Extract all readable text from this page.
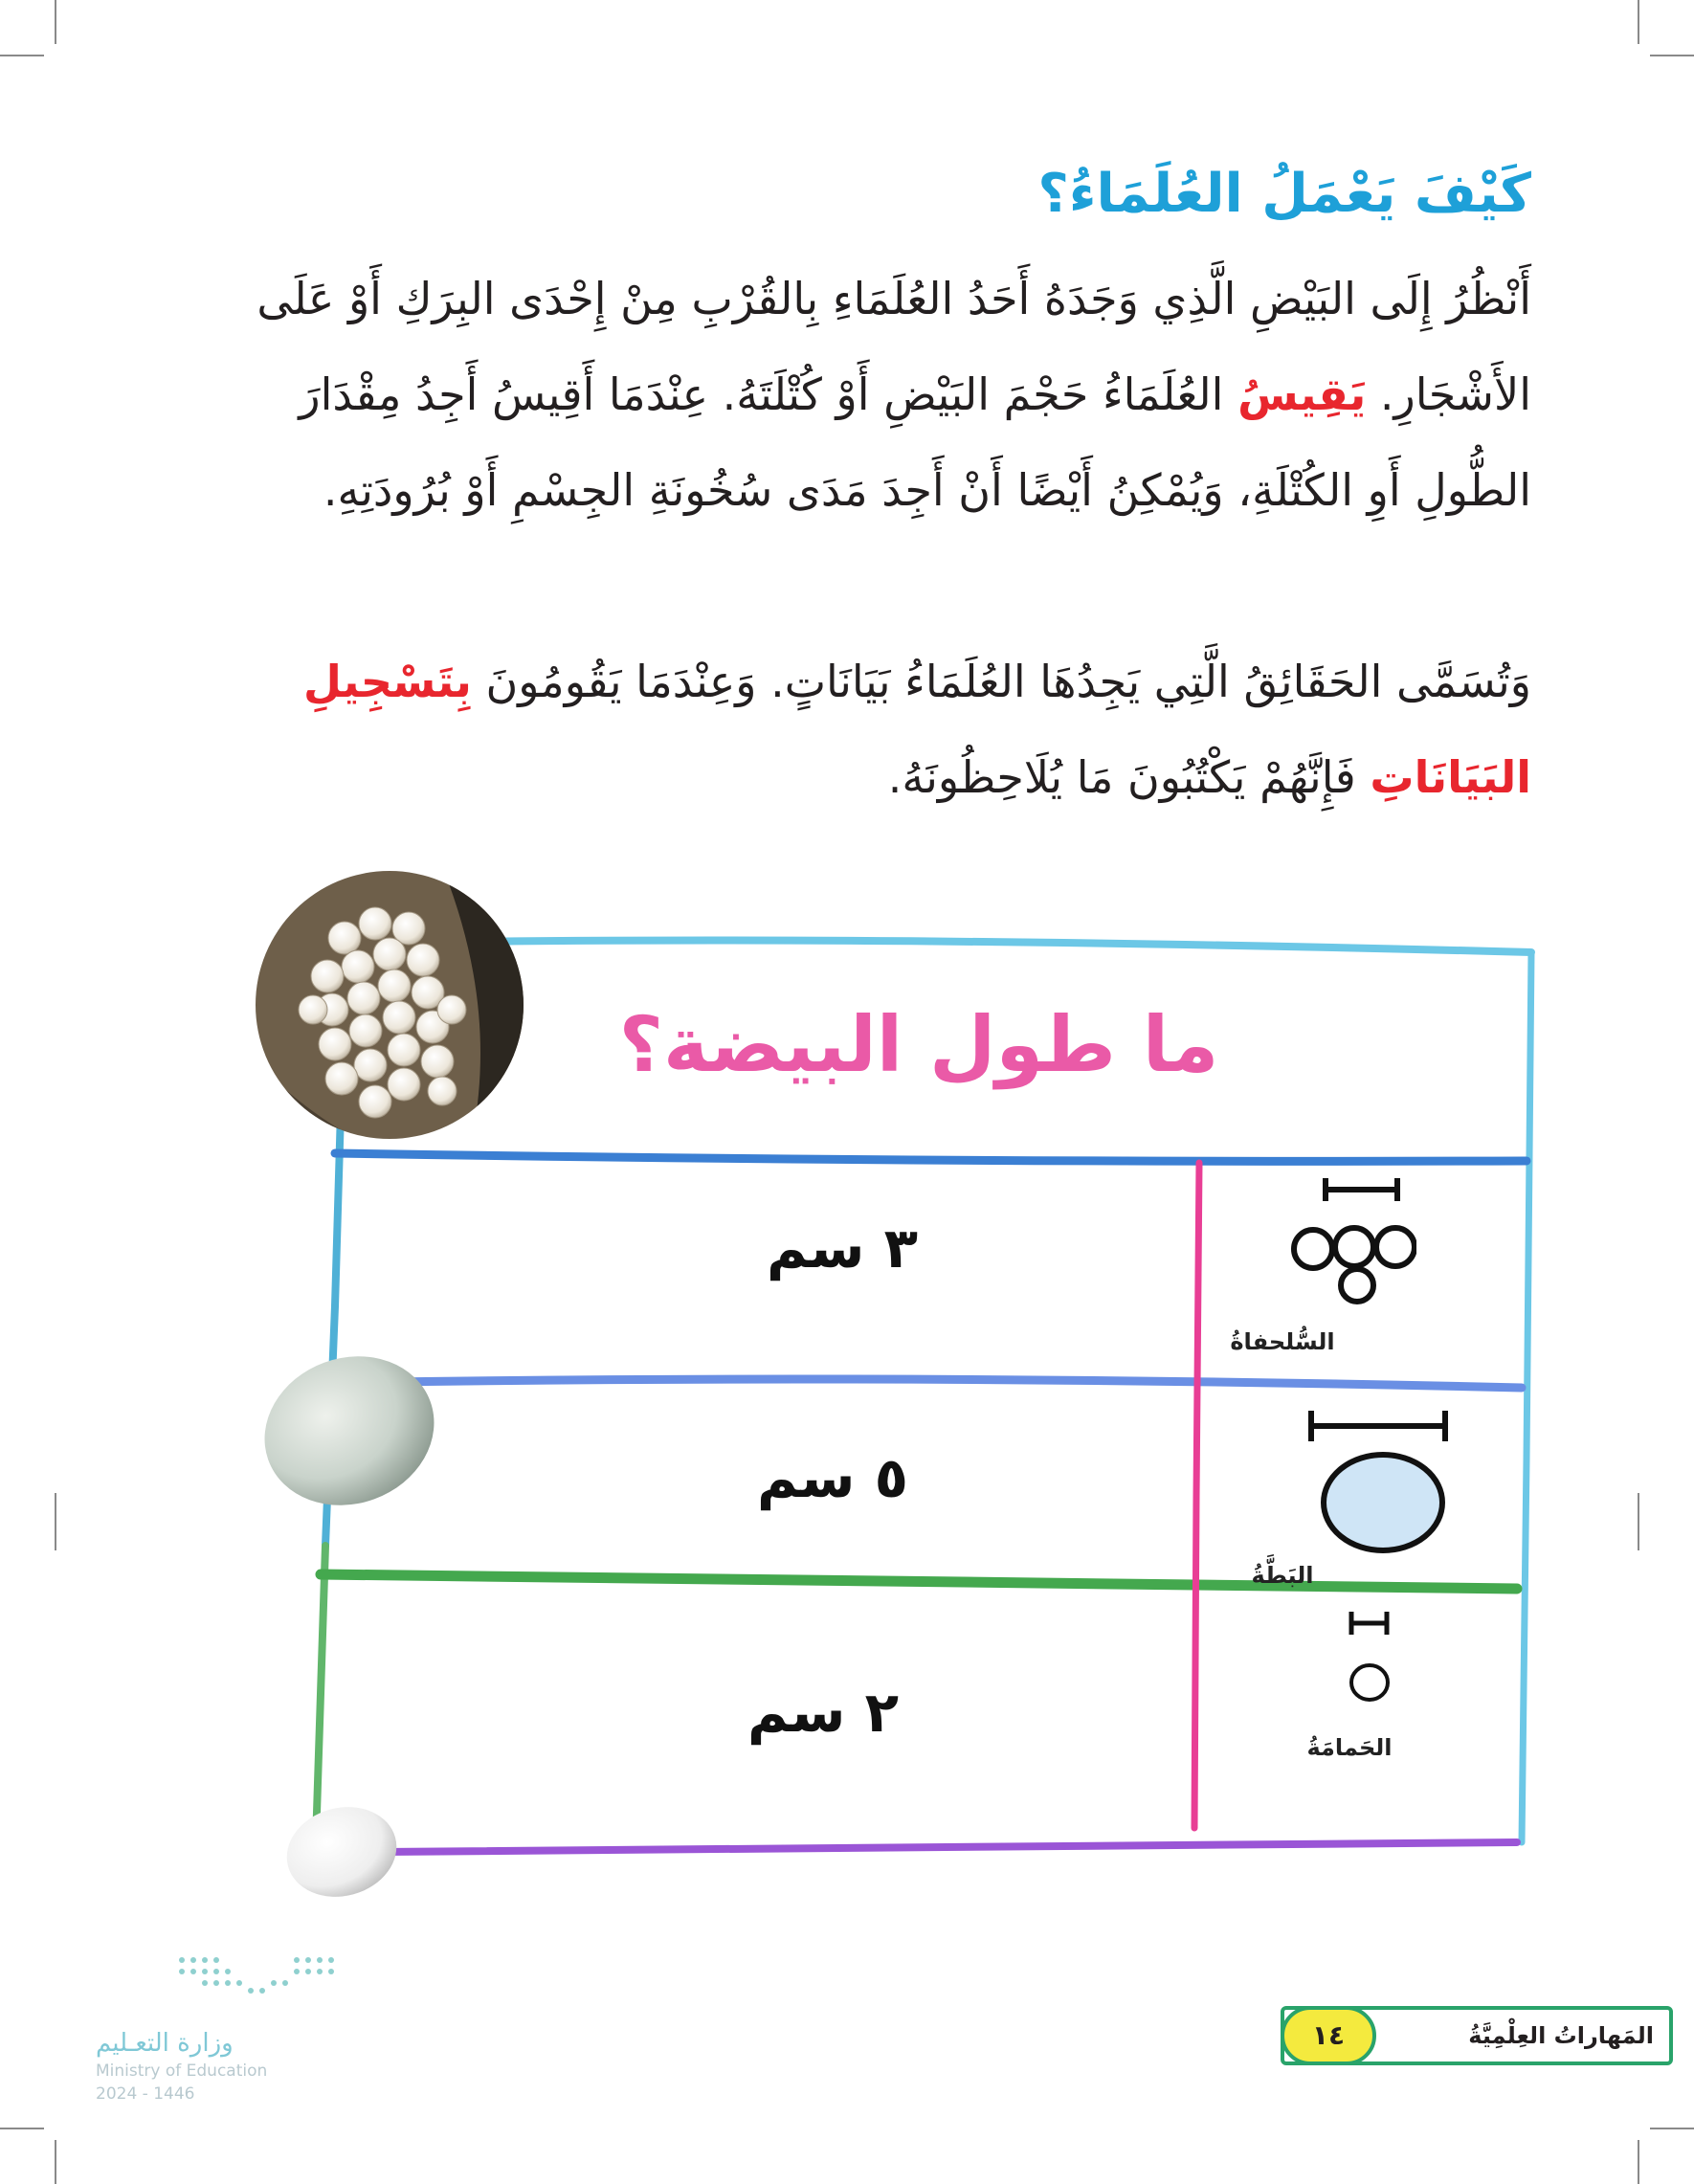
كَيْفَ يَعْمَلُ العُلَمَاءُ؟
أَنْظُرُ إِلَى البَيْضِ الَّذِي وَجَدَهُ أَحَدُ العُلَمَاءِ بِالقُرْبِ مِنْ إِحْدَى البِرَكِ أَوْ عَلَى الأَشْجَارِ. يَقِيسُ العُلَمَاءُ حَجْمَ البَيْضِ أَوْ كُتْلَتَهُ. عِنْدَمَا أَقِيسُ أَجِدُ مِقْدَارَ الطُّولِ أَوِ الكُتْلَةِ، وَيُمْكِنُ أَيْضًا أَنْ أَجِدَ مَدَى سُخُونَةِ الجِسْمِ أَوْ بُرُودَتِهِ.
وَتُسَمَّى الحَقَائِقُ الَّتِي يَجِدُهَا العُلَمَاءُ بَيَانَاتٍ. وَعِنْدَمَا يَقُومُونَ بِتَسْجِيلِ البَيَانَاتِ فَإِنَّهُمْ يَكْتُبُونَ مَا يُلَاحِظُونَهُ.
ما طول البيضة؟
٣ سم
٥ سم
٢ سم
السُّلحفاةُ
البَطَّةُ
الحَمامَةُ
وزارة التعـليم
Ministry of Education
2024 - 1446
المَهاراتُ العِلْمِيَّةُ
١٤
